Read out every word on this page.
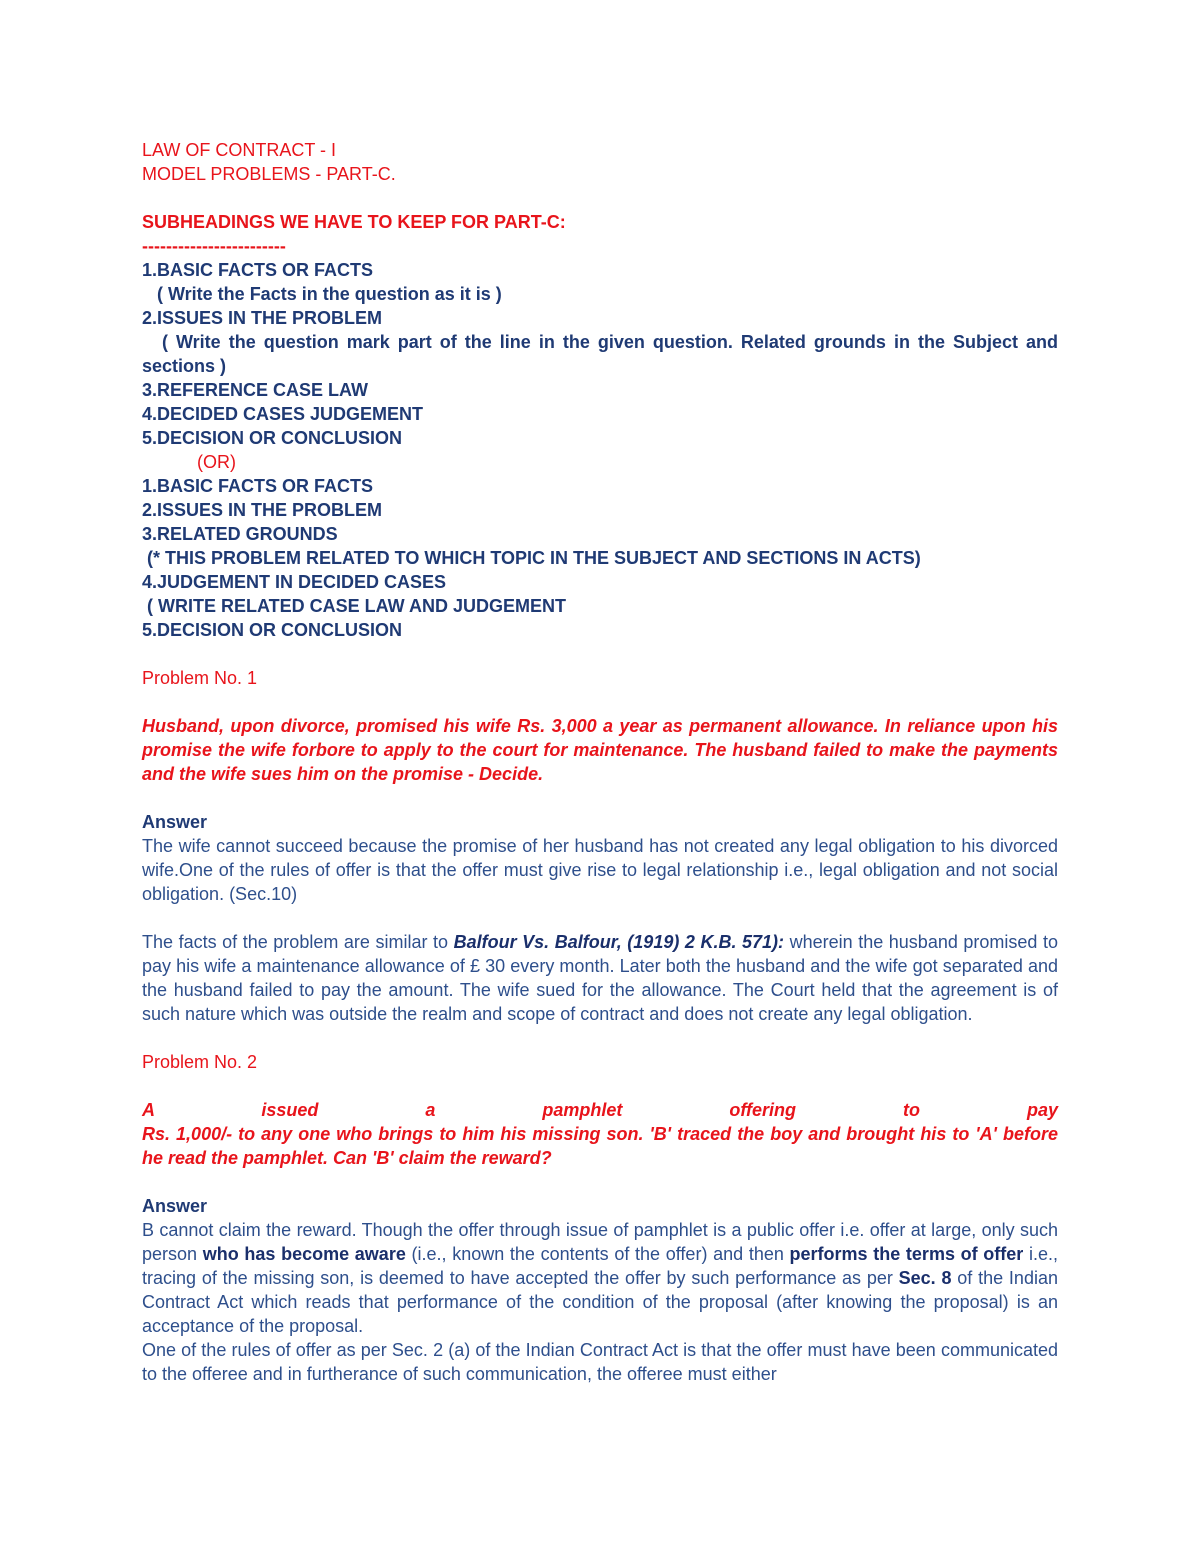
LAW OF CONTRACT - I
MODEL PROBLEMS - PART-C.
SUBHEADINGS WE HAVE TO KEEP FOR PART-C:
------------------------
1.BASIC FACTS OR FACTS
( Write the Facts in the question as it is )
2.ISSUES IN THE PROBLEM

( Write the question mark part of the line in the given question. Related grounds in the Subject and sections )

3.REFERENCE CASE LAW
4.DECIDED CASES JUDGEMENT
5.DECISION OR CONCLUSION
(OR)
1.BASIC FACTS OR FACTS
2.ISSUES IN THE PROBLEM
3.RELATED GROUNDS
(* THIS PROBLEM RELATED TO WHICH TOPIC IN THE SUBJECT AND SECTIONS IN ACTS)
4.JUDGEMENT IN DECIDED CASES
( WRITE RELATED CASE LAW AND JUDGEMENT
5.DECISION OR CONCLUSION
Problem No. 1

Husband, upon divorce, promised his wife Rs. 3,000 a year as permanent allowance. In reliance upon his promise the wife forbore to apply to the court for maintenance. The husband failed to make the payments and the wife sues him on the promise - Decide.

Answer

The wife cannot succeed because the promise of her husband has not created any legal obligation to his divorced wife.One of the rules of offer is that the offer must give rise to legal relationship i.e., legal obligation and not social obligation. (Sec.10)

The facts of the problem are similar to Balfour Vs. Balfour, (1919) 2 K.B. 571): wherein the husband promised to pay his wife a maintenance allowance of £ 30 every month. Later both the husband and the wife got separated and the husband failed to pay the amount. The wife sued for the allowance. The Court held that the agreement is of such nature which was outside the realm and scope of contract and does not create any legal obligation.

Problem No. 2

A issued a pamphlet offering to pay

Rs. 1,000/- to any one who brings to him his missing son. 'B' traced the boy and brought his to 'A' before he read the pamphlet. Can 'B' claim the reward?

Answer

B cannot claim the reward. Though the offer through issue of pamphlet is a public offer i.e. offer at large, only such person who has become aware (i.e., known the contents of the offer) and then performs the terms of offer i.e., tracing of the missing son, is deemed to have accepted the offer by such performance as per Sec. 8 of the Indian Contract Act which reads that performance of the condition of the proposal (after knowing the proposal) is an acceptance of the proposal.

One of the rules of offer as per Sec. 2 (a) of the Indian Contract Act is that the offer must have been communicated to the offeree and in furtherance of such communication, the offeree must either
